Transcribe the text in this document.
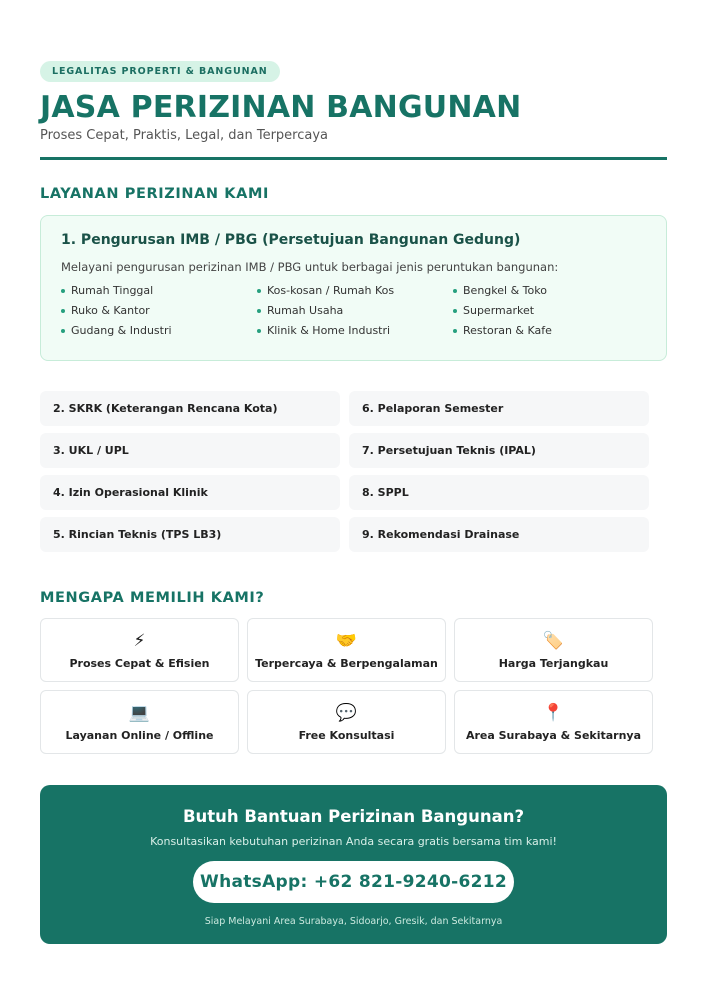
LEGALITAS PROPERTI & BANGUNAN
JASA PERIZINAN BANGUNAN
Proses Cepat, Praktis, Legal, dan Terpercaya
LAYANAN PERIZINAN KAMI
1. Pengurusan IMB / PBG (Persetujuan Bangunan Gedung)
Melayani pengurusan perizinan IMB / PBG untuk berbagai jenis peruntukan bangunan:
Rumah Tinggal	Kos-kosan / Rumah Kos	Bengkel & Toko
Ruko & Kantor	Rumah Usaha	Supermarket
Gudang & Industri	Klinik & Home Industri	Restoran & Kafe
2. SKRK (Keterangan Rencana Kota)	6. Pelaporan Semester
3. UKL / UPL	7. Persetujuan Teknis (IPAL)
4. Izin Operasional Klinik	8. SPPL
5. Rincian Teknis (TPS LB3)	9. Rekomendasi Drainase
MENGAPA MEMILIH KAMI?
⚡
Proses Cepat & Efisien
🤝
Terpercaya & Berpengalaman
🏷️
Harga Terjangkau
💻
Layanan Online / Offline
💬
Free Konsultasi
📍
Area Surabaya & Sekitarnya
Butuh Bantuan Perizinan Bangunan?
Konsultasikan kebutuhan perizinan Anda secara gratis bersama tim kami!
WhatsApp: +62 821-9240-6212
Siap Melayani Area Surabaya, Sidoarjo, Gresik, dan Sekitarnya
